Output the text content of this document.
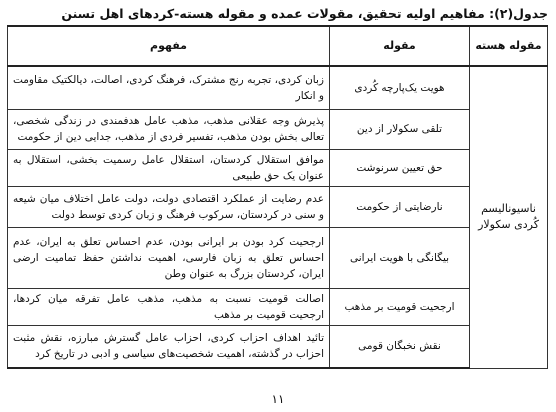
جدول(۲): مفاهیم اولیه تحقیق، مقولات عمده و مقوله هسته-کردهای اهل تسنن
مقوله هسته	مقوله	مفهوم
ناسیونالیسم کُردی سکولار	هویت یک‌پارچه کُردی	زبان کردی، تجربه رنج مشترک، فرهنگ کردی، اصالت، دیالکتیک مقاومت و انکار
	تلقی سکولار از دین	پذیرش وجه عقلانی مذهب، مذهب عامل هدفمندی در زندگی شخصی، تعالی بخش بودن مذهب، تفسیر فردی از مذهب، جدایی دین از حکومت
	حق تعیین سرنوشت	موافق استقلال کردستان، استقلال عامل رسمیت بخشی، استقلال به عنوان یک حق طبیعی
	نارضایتی از حکومت	عدم رضایت از عملکرد اقتصادی دولت، دولت عامل اختلاف میان شیعه و سنی در کردستان، سرکوب فرهنگ و زبان کردی توسط دولت
	بیگانگی با هویت ایرانی	ارجحیت کرد بودن بر ایرانی بودن، عدم احساس تعلق به ایران، عدم احساس تعلق به زبان فارسی، اهمیت نداشتن حفظ تمامیت ارضی ایران، کردستان بزرگ به عنوان وطن
	ارجحیت قومیت بر مذهب	اصالت قومیت نسبت به مذهب، مذهب عامل تفرقه میان کردها، ارجحیت قومیت بر مذهب
	نقش نخبگان قومی	تائید اهداف احزاب کردی، احزاب عامل گسترش مبارزه، نقش مثبت احزاب در گذشته، اهمیت شخصیت‌های سیاسی و ادبی در تاریخ کرد
۱۱
